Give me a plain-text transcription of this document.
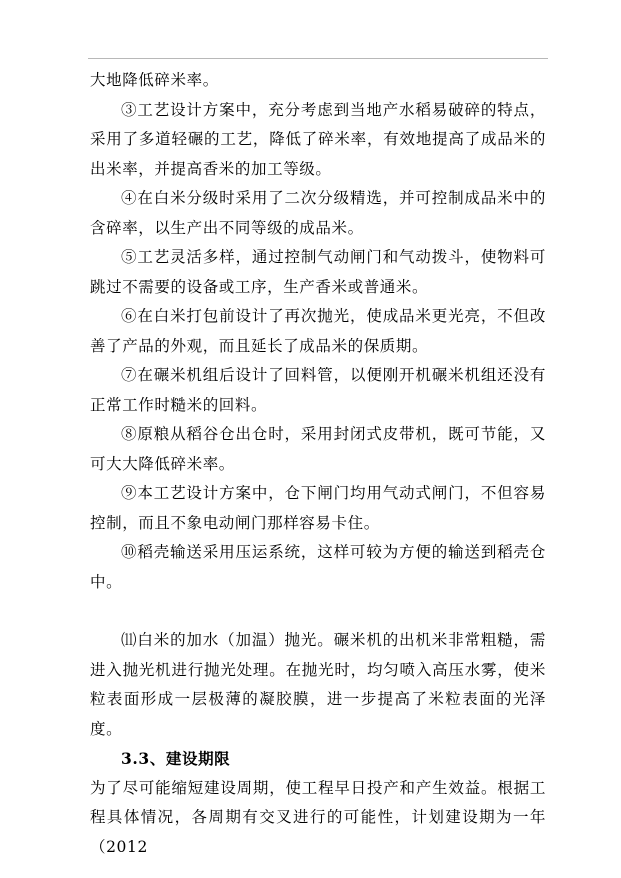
大地降低碎米率。

③工艺设计方案中，充分考虑到当地产水稻易破碎的特点，采用了多道轻碾的工艺，降低了碎米率，有效地提高了成品米的出米率，并提高香米的加工等级。

④在白米分级时采用了二次分级精选，并可控制成品米中的含碎率，以生产出不同等级的成品米。

⑤工艺灵活多样，通过控制气动闸门和气动拨斗，使物料可跳过不需要的设备或工序，生产香米或普通米。

⑥在白米打包前设计了再次抛光，使成品米更光亮，不但改善了产品的外观，而且延长了成品米的保质期。

⑦在碾米机组后设计了回料管，以便刚开机碾米机组还没有正常工作时糙米的回料。

⑧原粮从稻谷仓出仓时，采用封闭式皮带机，既可节能，又可大大降低碎米率。

⑨本工艺设计方案中，仓下闸门均用气动式闸门，不但容易控制，而且不象电动闸门那样容易卡住。

⑩稻壳输送采用压运系统，这样可较为方便的输送到稻壳仓中。

⑾白米的加水（加温）抛光。碾米机的出机米非常粗糙，需进入抛光机进行抛光处理。在抛光时，均匀喷入高压水雾，使米粒表面形成一层极薄的凝胶膜，进一步提高了米粒表面的光泽度。

3.3、建设期限

为了尽可能缩短建设周期，使工程早日投产和产生效益。根据工程具体情况，各周期有交叉进行的可能性，计划建设期为一年（2012
